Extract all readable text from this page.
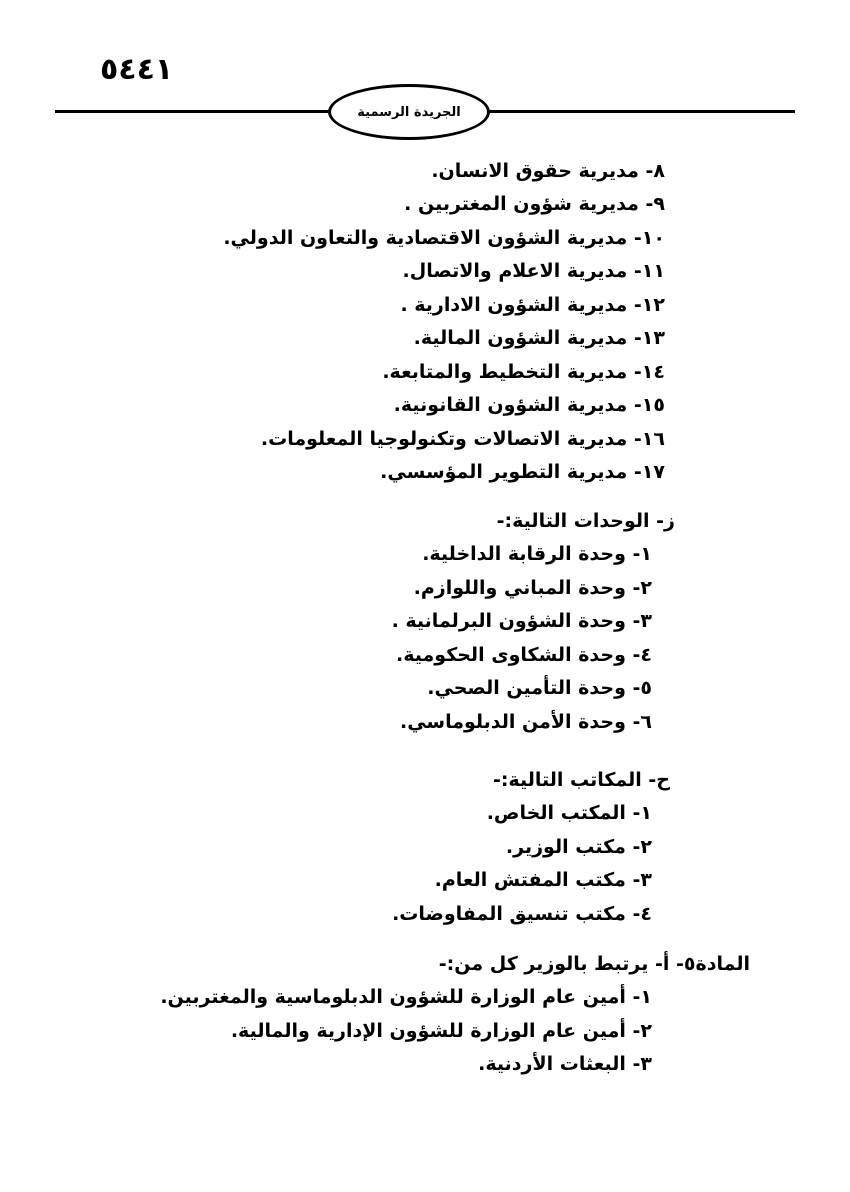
٥٤٤١
الجريدة الرسمية
٨- مديرية حقوق الانسان.
٩- مديرية شؤون المغتربين .
١٠- مديرية الشؤون الاقتصادية والتعاون الدولي.
١١- مديرية الاعلام والاتصال.
١٢- مديرية الشؤون الادارية .
١٣- مديرية الشؤون المالية.
١٤- مديرية التخطيط والمتابعة.
١٥- مديرية الشؤون القانونية.
١٦- مديرية الاتصالات وتكنولوجيا المعلومات.
١٧- مديرية التطوير المؤسسي.
ز- الوحدات التالية:-
١- وحدة الرقابة الداخلية.
٢- وحدة المباني واللوازم.
٣- وحدة الشؤون البرلمانية .
٤- وحدة الشكاوى الحكومية.
٥- وحدة التأمين الصحي.
٦- وحدة الأمن الدبلوماسي.
ح- المكاتب التالية:-
١- المكتب الخاص.
٢- مكتب الوزير.
٣- مكتب المفتش العام.
٤- مكتب تنسيق المفاوضات.
المادة٥- أ- يرتبط بالوزير كل من:-
١- أمين عام الوزارة للشؤون الدبلوماسية والمغتربين.
٢- أمين عام الوزارة للشؤون الإدارية والمالية.
٣- البعثات الأردنية.
